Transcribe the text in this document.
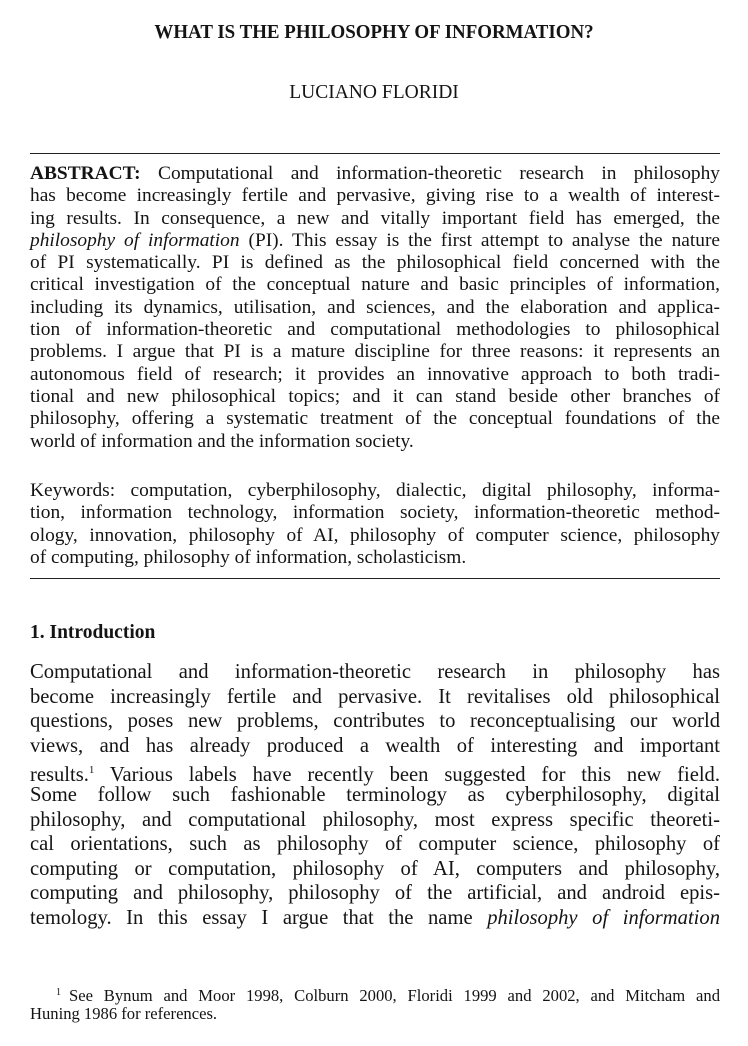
WHAT IS THE PHILOSOPHY OF INFORMATION?
LUCIANO FLORIDI
ABSTRACT: Computational and information-theoretic research in philosophy
has become increasingly fertile and pervasive, giving rise to a wealth of interest-
ing results. In consequence, a new and vitally important field has emerged, the
philosophy of information (PI). This essay is the first attempt to analyse the nature
of PI systematically. PI is defined as the philosophical field concerned with the
critical investigation of the conceptual nature and basic principles of information,
including its dynamics, utilisation, and sciences, and the elaboration and applica-
tion of information-theoretic and computational methodologies to philosophical
problems. I argue that PI is a mature discipline for three reasons: it represents an
autonomous field of research; it provides an innovative approach to both tradi-
tional and new philosophical topics; and it can stand beside other branches of
philosophy, offering a systematic treatment of the conceptual foundations of the
world of information and the information society.
Keywords: computation, cyberphilosophy, dialectic, digital philosophy, informa-
tion, information technology, information society, information-theoretic method-
ology, innovation, philosophy of AI, philosophy of computer science, philosophy
of computing, philosophy of information, scholasticism.
1. Introduction
Computational and information-theoretic research in philosophy has
become increasingly fertile and pervasive. It revitalises old philosophical
questions, poses new problems, contributes to reconceptualising our world
views, and has already produced a wealth of interesting and important
results.$^1$ Various labels have recently been suggested for this new field.
Some follow such fashionable terminology as cyberphilosophy, digital
philosophy, and computational philosophy, most express specific theoreti-
cal orientations, such as philosophy of computer science, philosophy of
computing or computation, philosophy of AI, computers and philosophy,
computing and philosophy, philosophy of the artificial, and android epis-
temology. In this essay I argue that the name philosophy of information
$^1$ See Bynum and Moor 1998, Colburn 2000, Floridi 1999 and 2002, and Mitcham and
Huning 1986 for references.
